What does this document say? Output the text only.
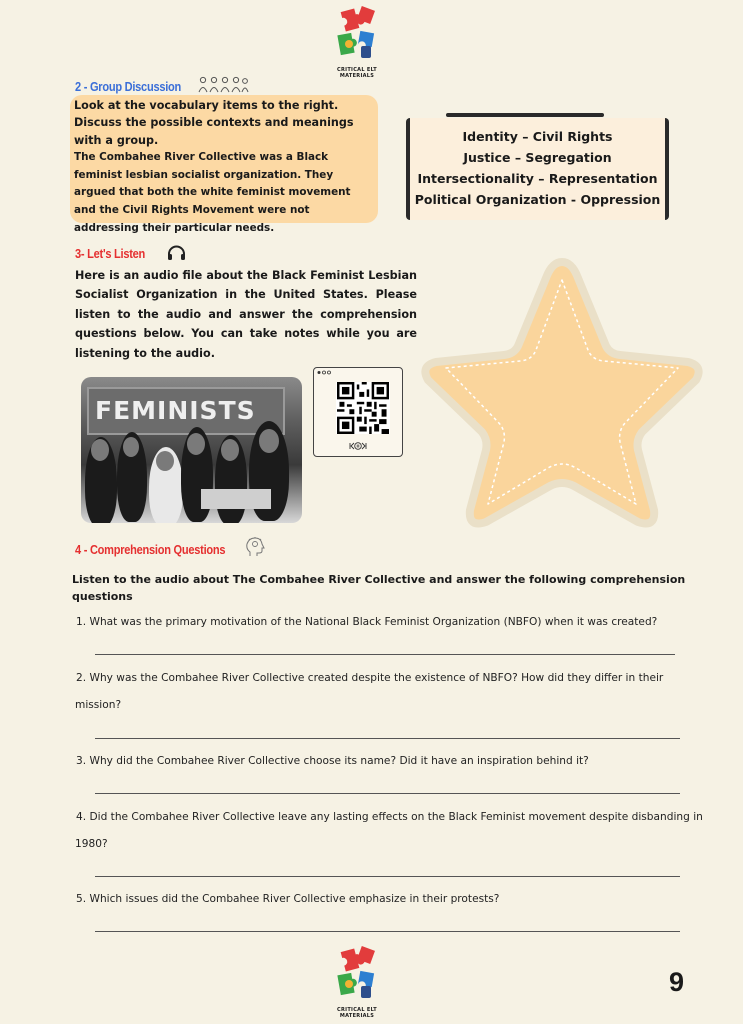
CRITICAL ELT MATERIALS
2 - Group Discussion

Look at the vocabulary items to the right. Discuss the possible contexts and meanings with a group.

The Combahee River Collective was a Black feminist lesbian socialist organization. They argued that both the white feminist movement and the Civil Rights Movement were not addressing their particular needs.

Identity – Civil Rights
Justice – Segregation
Intersectionality – Representation
Political Organization - Oppression
3- Let's Listen
Here is an audio file about the Black Feminist Lesbian Socialist Organization in the United States. Please listen to the audio and answer the comprehension questions below. You can take notes while you are listening to the audio.
FEMINISTS
4 - Comprehension Questions
Listen to the audio about The Combahee River Collective and answer the following comprehension questions
1. What was the primary motivation of the National Black Feminist Organization (NBFO) when it was created?
2. Why was the Combahee River Collective created despite the existence of NBFO? How did they differ in their
mission?
3. Why did the Combahee River Collective choose its name? Did it have an inspiration behind it?
4. Did the Combahee River Collective leave any lasting effects on the Black Feminist movement despite disbanding in
1980?
5. Which issues did the Combahee River Collective emphasize in their protests?
CRITICAL ELT MATERIALS
9
